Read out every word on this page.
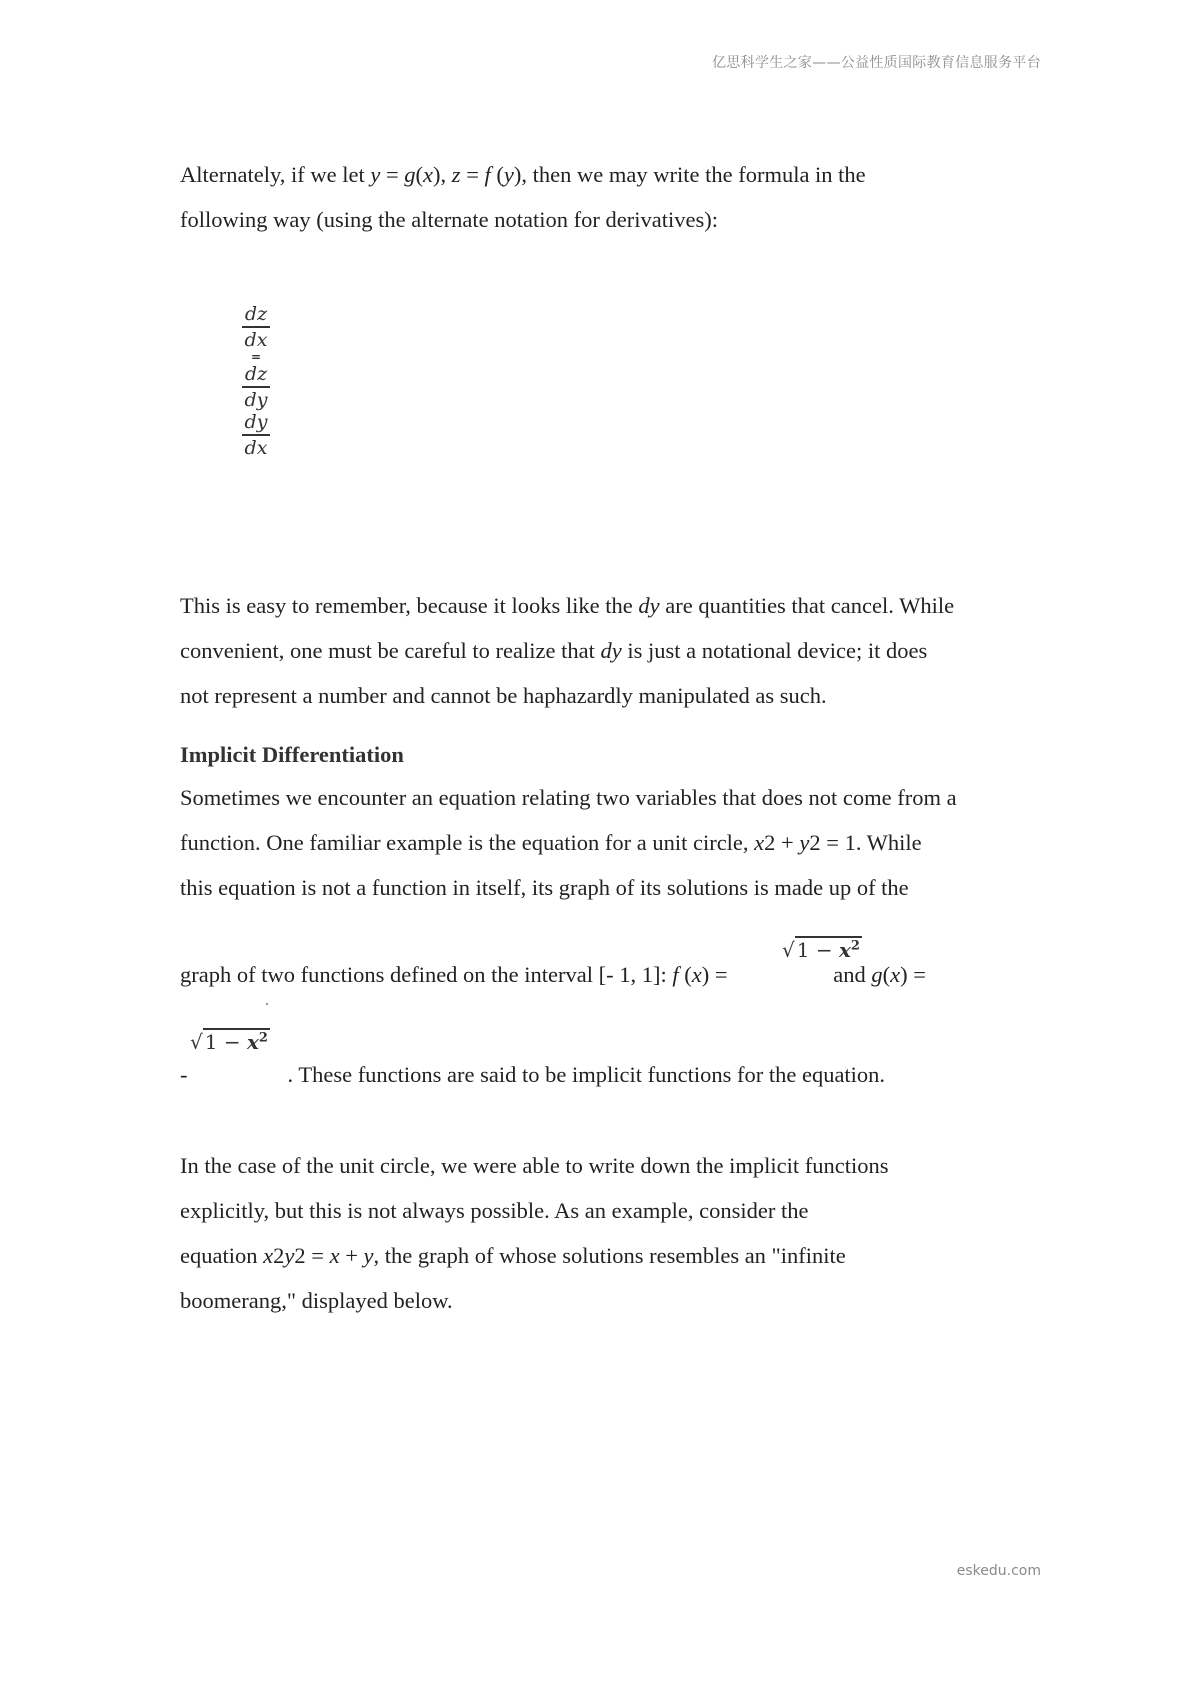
亿思科学生之家——公益性质国际教育信息服务平台
Alternately, if we let y = g(x), z = f (y), then we may write the formula in the
following way (using the alternate notation for derivatives):
dz
dx
=
dz
dy
dy
dx
This is easy to remember, because it looks like the dy are quantities that cancel. While
convenient, one must be careful to realize that dy is just a notational device; it does
not represent a number and cannot be haphazardly manipulated as such.
Implicit Differentiation
Sometimes we encounter an equation relating two variables that does not come from a
function. One familiar example is the equation for a unit circle, x2 + y2 = 1. While
this equation is not a function in itself, its graph of its solutions is made up of the
graph of two functions defined on the interval [- 1, 1]: f (x) =	and g(x) =
√ $1 - x^2$
√ $1 - x^2$
-	. These functions are said to be implicit functions for the equation.
In the case of the unit circle, we were able to write down the implicit functions
explicitly, but this is not always possible. As an example, consider the
equation x2y2 = x + y, the graph of whose solutions resembles an "infinite
boomerang," displayed below.
eskedu.com
